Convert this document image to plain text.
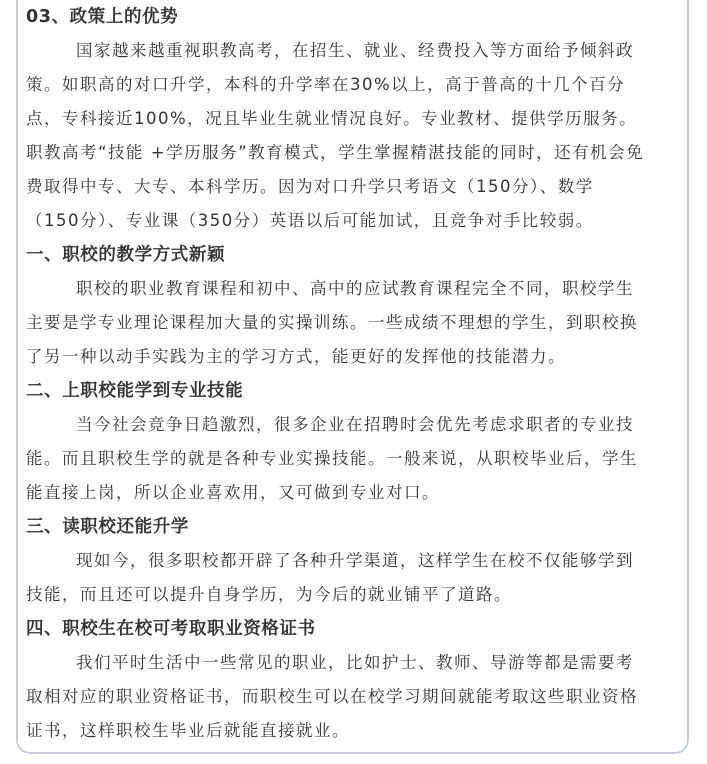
03、政策上的优势

国家越来越重视职教高考，在招生、就业、经费投入等方面给予倾斜政
策。如职高的对口升学，本科的升学率在30%以上，高于普高的十几个百分
点，专科接近100%，况且毕业生就业情况良好。专业教材、提供学历服务。
职教高考“技能 +学历服务”教育模式，学生掌握精湛技能的同时，还有机会免
费取得中专、大专、本科学历。因为对口升学只考语文（150分）、数学
（150分）、专业课（350分）英语以后可能加试，且竞争对手比较弱。

一、职校的教学方式新颖

职校的职业教育课程和初中、高中的应试教育课程完全不同，职校学生
主要是学专业理论课程加大量的实操训练。一些成绩不理想的学生，到职校换
了另一种以动手实践为主的学习方式，能更好的发挥他的技能潜力。

二、上职校能学到专业技能

当今社会竞争日趋激烈，很多企业在招聘时会优先考虑求职者的专业技
能。而且职校生学的就是各种专业实操技能。一般来说，从职校毕业后，学生
能直接上岗，所以企业喜欢用，又可做到专业对口。

三、读职校还能升学

现如今，很多职校都开辟了各种升学渠道，这样学生在校不仅能够学到
技能，而且还可以提升自身学历，为今后的就业铺平了道路。

四、职校生在校可考取职业资格证书

我们平时生活中一些常见的职业，比如护士、教师、导游等都是需要考
取相对应的职业资格证书，而职校生可以在校学习期间就能考取这些职业资格
证书，这样职校生毕业后就能直接就业。
